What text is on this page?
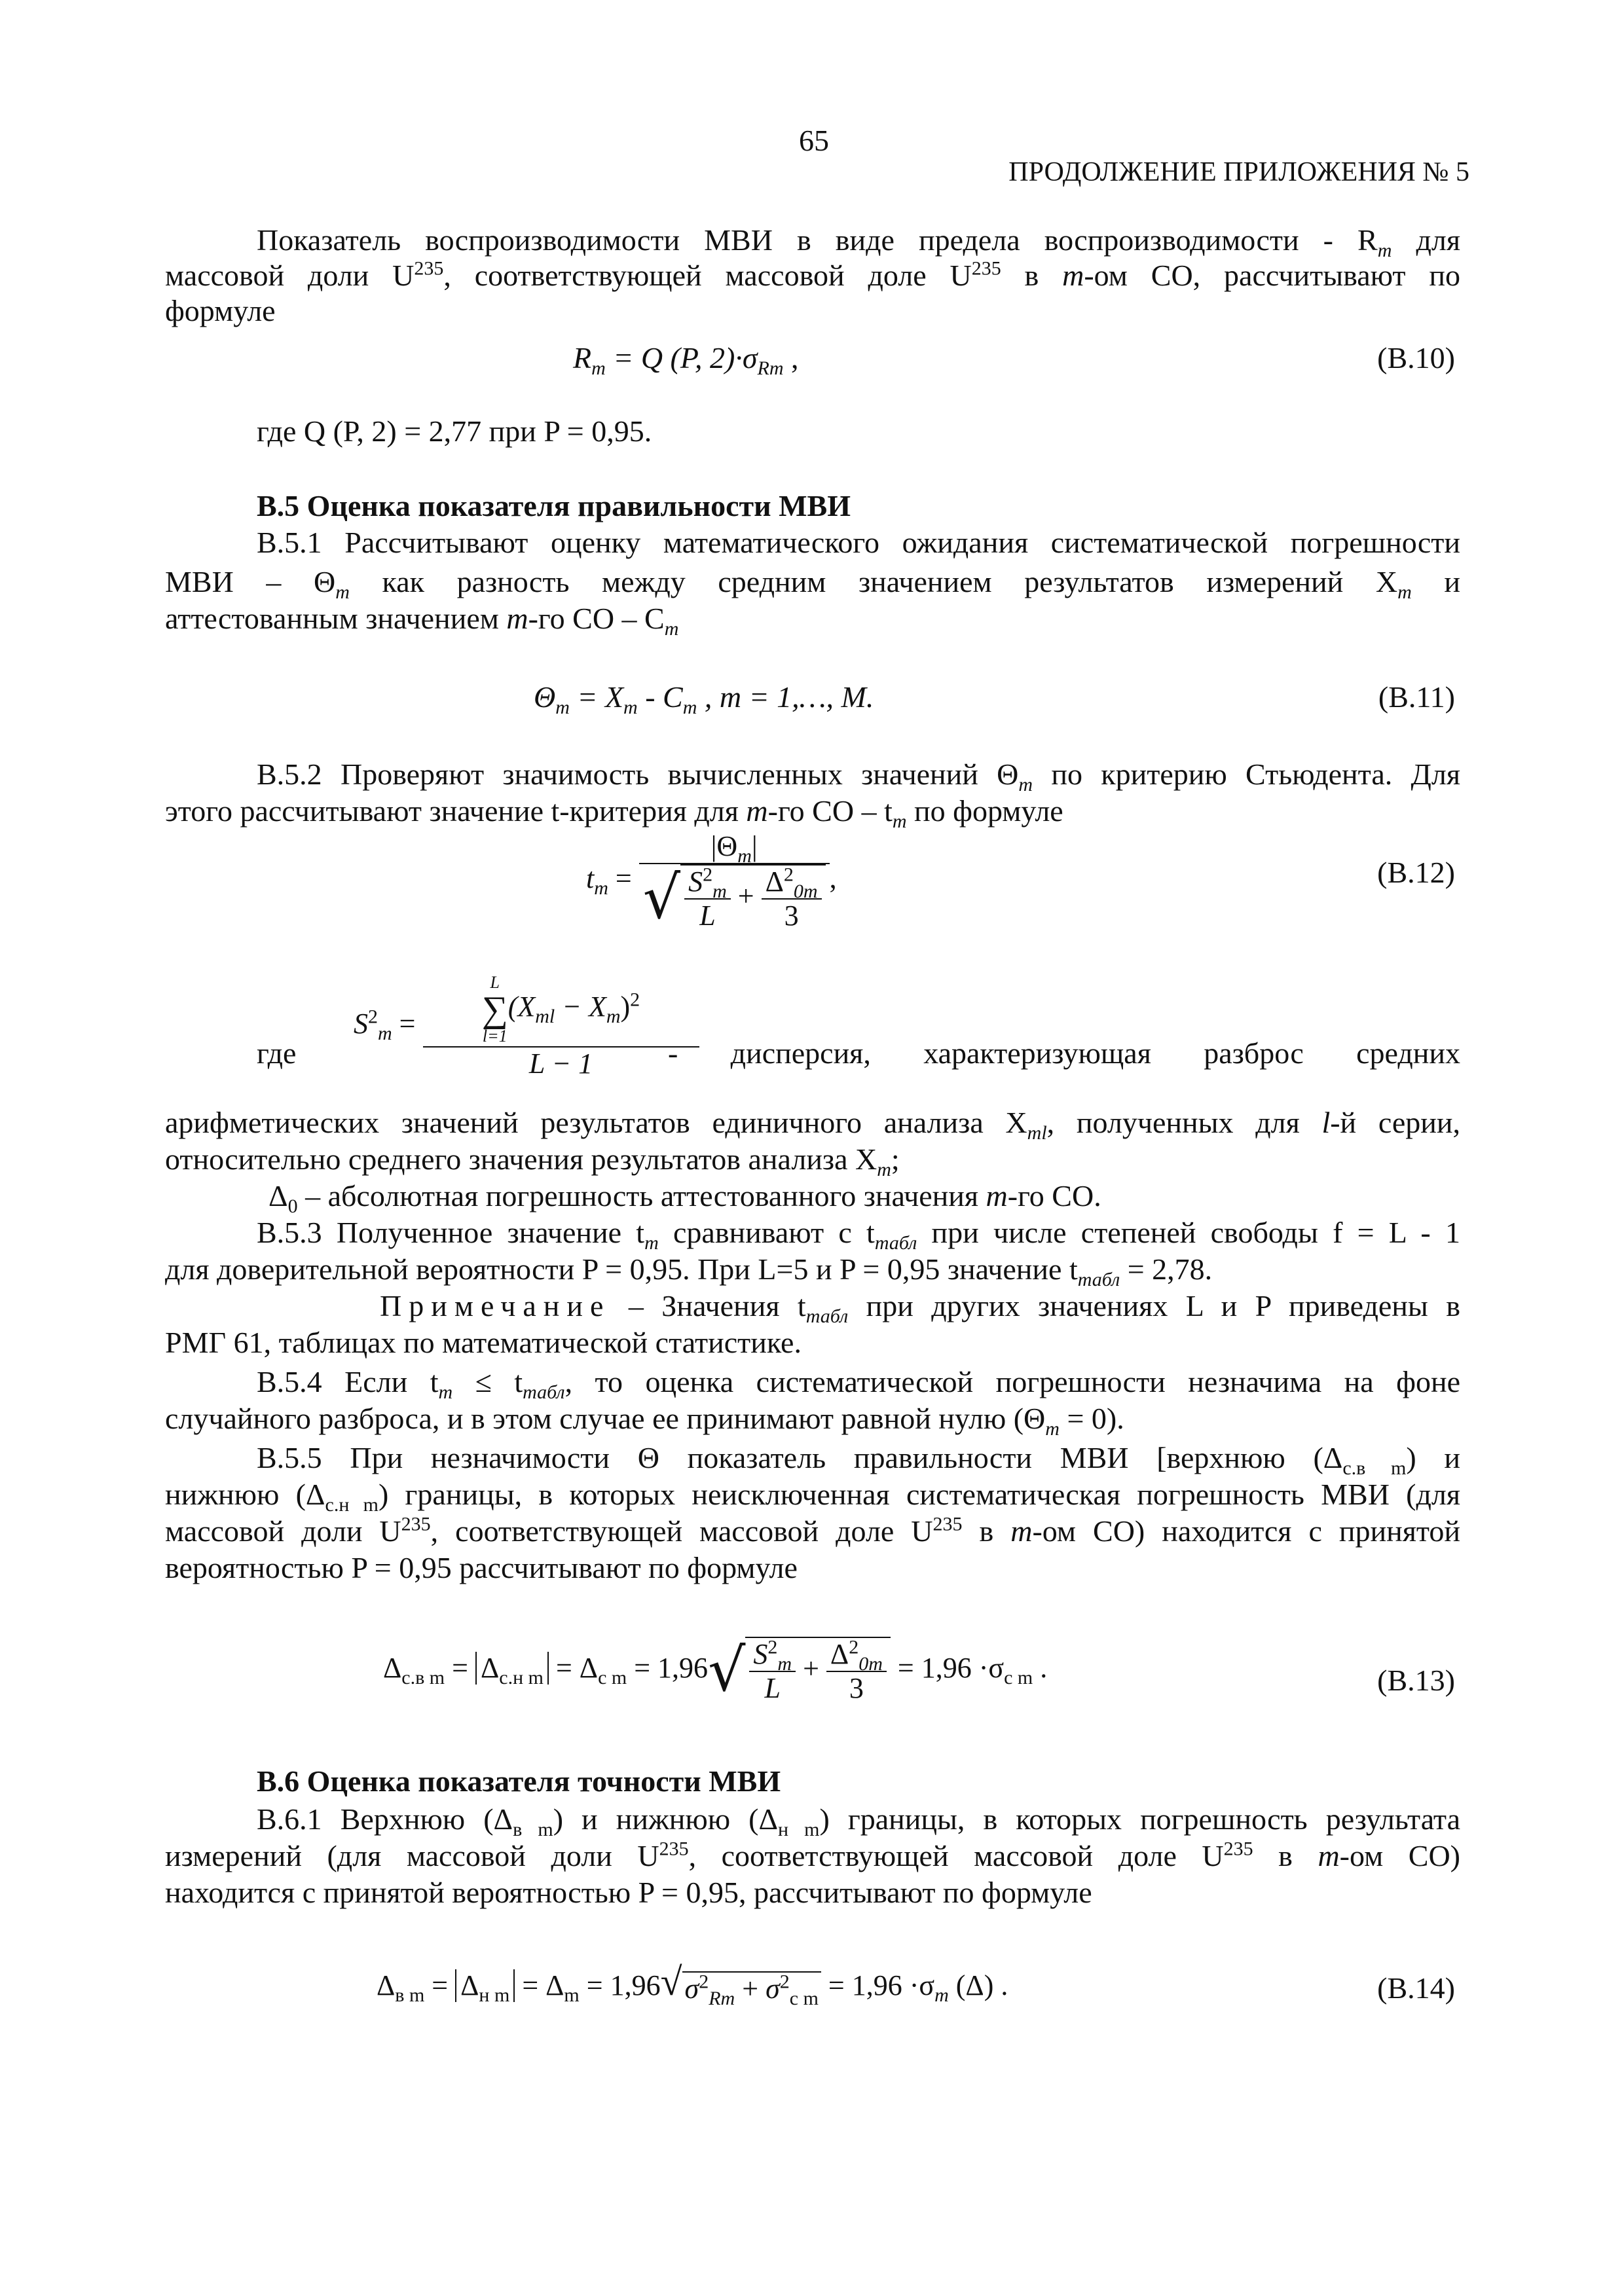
65
ПРОДОЛЖЕНИЕ ПРИЛОЖЕНИЯ № 5
Показатель воспроизводимости МВИ в виде предела воспроизводимости - $R_m$ для
массовой доли $U^{235}$, соответствующей массовой доле $U^{235}$ в m-ом СО, рассчитывают по
формуле
$R_m = Q$ (P, $2)\cdot\sigma_{Rm}$ ,	(В.10)
где Q (P, 2) = 2,77 при P = 0,95.
В.5 Оценка показателя правильности МВИ
В.5.1 Рассчитывают оценку математического ожидания систематической погрешности
МВИ – $\Theta_m$ как разность между средним значением результатов измерений $X_m$ и
аттестованным значением m-го СО – $C_m$
$\Theta_m = X_m - C_m$ , m = 1,…, M.	(В.11)
В.5.2 Проверяют значимость вычисленных значений $\Theta_m$ по критерию Стьюдента. Для
этого рассчитывают значение t-критерия для m-го СО – $t_m$ по формуле
$t_m = \frac{|\Theta_m|}{√ \frac{S^2_m}{L} + \frac{\Delta^2_{0m}}{3}}$ ,	(В.12)
где
$S^2_m = L$
∑
l=1
$(X_{ml} - X_m)^2$
L − 1
- дисперсия, характеризующая разброс средних
арифметических значений результатов единичного анализа $X_{ml}$, полученных для l-й серии,
относительно среднего значения результатов анализа $X_m$;
$\Delta_0$ – абсолютная погрешность аттестованного значения m-го СО.
В.5.3 Полученное значение $t_m$ сравнивают с $t_{табл}$ при числе степеней свободы f = L - 1
для доверительной вероятности P = 0,95. При L=5 и P = 0,95 значение $t_{табл} = 2,78$.
Примечание – Значения $t_{табл}$ при других значениях L и P приведены в
РМГ 61, таблицах по математической статистике.
В.5.4 Если $t_m \le t_{табл}$, то оценка систематической погрешности незначима на фоне
случайного разброса, и в этом случае ее принимают равной нулю $(\Theta_m = 0)$.
В.5.5 При незначимости Θ показатель правильности МВИ [верхнюю $(\Delta_{с.в m})$ и
нижнюю $(\Delta_{с.н m})$ границы, в которых неисключенная систематическая погрешность МВИ (для
массовой доли $U^{235}$, соответствующей массовой доле $U^{235}$ в m-ом СО) находится с принятой
вероятностью P = 0,95 рассчитывают по формуле
$\Delta_{с.в m} = \Delta_{с.н m} = \Delta_{с m} = 1,96√ \frac{S^2_m}{L} + \frac{\Delta^2_{0m}}{3} = 1,96 \cdot\sigma_{с m}$ .	(В.13)
В.6 Оценка показателя точности МВИ
В.6.1 Верхнюю $(\Delta_{в m})$ и нижнюю $(\Delta_{н m})$ границы, в которых погрешность результата
измерений (для массовой доли $U^{235}$, соответствующей массовой доле $U^{235}$ в m-ом СО)
находится с принятой вероятностью P = 0,95, рассчитывают по формуле
$\Delta_{в m} = \Delta_{н m} = \Delta_m = 1,96√\sigma^2_{Rm} + \sigma^2_{с m} = 1,96 \cdot\sigma_m$ (Δ) .	(В.14)
